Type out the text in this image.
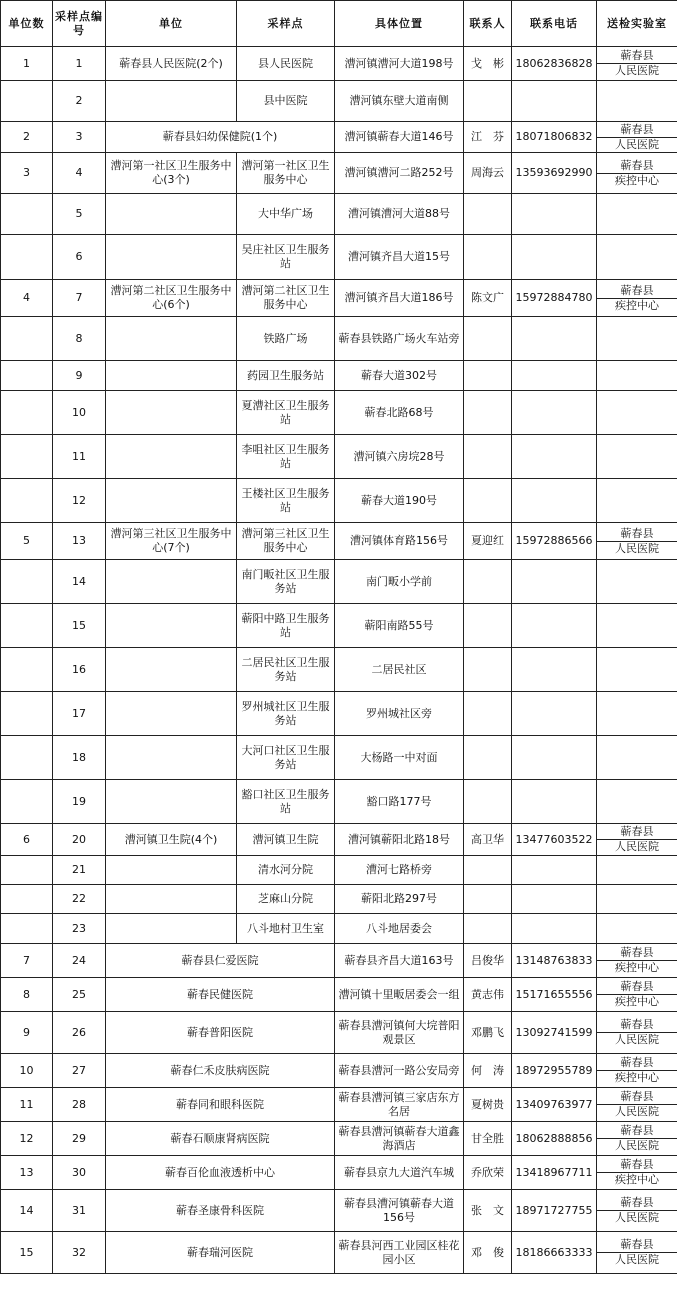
单位数	采样点编号	单位	采样点	具体位置	联系人	联系电话	送检实验室
1	1	蕲春县人民医院(2个)	县人民医院	漕河镇漕河大道198号	戈　彬	18062836828	蕲春县
人民医院

	2		县中医院	漕河镇东壁大道南侧			
2	3	蕲春县妇幼保健院(1个)		漕河镇蕲春大道146号	江　芬	18071806832	蕲春县
人民医院

3	4	漕河第一社区卫生服务中心(3个)	漕河第一社区卫生服务中心	漕河镇漕河二路252号	周海云	13593692990	蕲春县
疾控中心

	5		大中华广场	漕河镇漕河大道88号			
	6		吴庄社区卫生服务站	漕河镇齐昌大道15号			
4	7	漕河第二社区卫生服务中心(6个)	漕河第二社区卫生服务中心	漕河镇齐昌大道186号	陈文广	15972884780	蕲春县
疾控中心

	8		铁路广场	蕲春县铁路广场火车站旁			
	9		药园卫生服务站	蕲春大道302号			
	10		夏漕社区卫生服务站	蕲春北路68号			
	11		李咀社区卫生服务站	漕河镇六房垸28号			
	12		王楼社区卫生服务站	蕲春大道190号			
5	13	漕河第三社区卫生服务中心(7个)	漕河第三社区卫生服务中心	漕河镇体育路156号	夏迎红	15972886566	蕲春县
人民医院

	14		南门畈社区卫生服务站	南门畈小学前			
	15		蕲阳中路卫生服务站	蕲阳南路55号			
	16		二居民社区卫生服务站	二居民社区			
	17		罗州城社区卫生服务站	罗州城社区旁			
	18		大河口社区卫生服务站	大杨路一中对面			
	19		豁口社区卫生服务站	豁口路177号			
6	20	漕河镇卫生院(4个)	漕河镇卫生院	漕河镇蕲阳北路18号	高卫华	13477603522	蕲春县
人民医院

	21		清水河分院	漕河七路桥旁			
	22		芝麻山分院	蕲阳北路297号			
	23		八斗地村卫生室	八斗地居委会			
7	24	蕲春县仁爱医院		蕲春县齐昌大道163号	吕俊华	13148763833	蕲春县
疾控中心

8	25	蕲春民健医院		漕河镇十里畈居委会一组	黄志伟	15171655556	蕲春县
疾控中心

9	26	蕲春普阳医院		蕲春县漕河镇何大垸普阳观景区	邓鹏飞	13092741599	蕲春县
人民医院

10	27	蕲春仁禾皮肤病医院		蕲春县漕河一路公安局旁	何　涛	18972955789	蕲春县
疾控中心

11	28	蕲春同和眼科医院		蕲春县漕河镇三家店东方名居	夏树贵	13409763977	蕲春县
人民医院

12	29	蕲春石顺康肾病医院		蕲春县漕河镇蕲春大道鑫海酒店	甘全胜	18062888856	蕲春县
人民医院

13	30	蕲春百伦血液透析中心		蕲春县京九大道汽车城	乔欣荣	13418967711	蕲春县
疾控中心

14	31	蕲春圣康骨科医院		蕲春县漕河镇蕲春大道156号	张　文	18971727755	蕲春县
人民医院

15	32	蕲春瑞河医院		蕲春县河西工业园区桂花园小区	邓　俊	18186663333	蕲春县
人民医院
